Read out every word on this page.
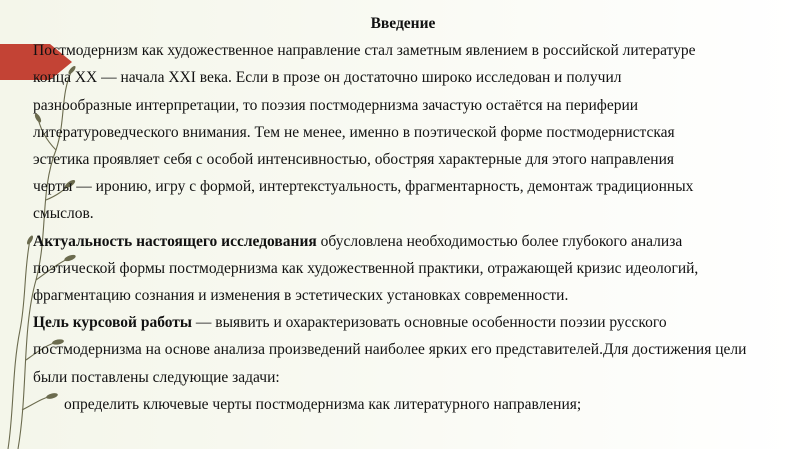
Введение

Постмодернизм как художественное направление стал заметным явлением в российской литературе
конца XX — начала XXI века. Если в прозе он достаточно широко исследован и получил
разнообразные интерпретации, то поэзия постмодернизма зачастую остаётся на периферии
литературоведческого внимания. Тем не менее, именно в поэтической форме постмодернистская
эстетика проявляет себя с особой интенсивностью, обостряя характерные для этого направления
черты — иронию, игру с формой, интертекстуальность, фрагментарность, демонтаж традиционных
смыслов.

Актуальность настоящего исследования обусловлена необходимостью более глубокого анализа
поэтической формы постмодернизма как художественной практики, отражающей кризис идеологий,
фрагментацию сознания и изменения в эстетических установках современности.

Цель курсовой работы — выявить и охарактеризовать основные особенности поэзии русского
постмодернизма на основе анализа произведений наиболее ярких его представителей.Для достижения цели
были поставлены следующие задачи:

определить ключевые черты постмодернизма как литературного направления;
